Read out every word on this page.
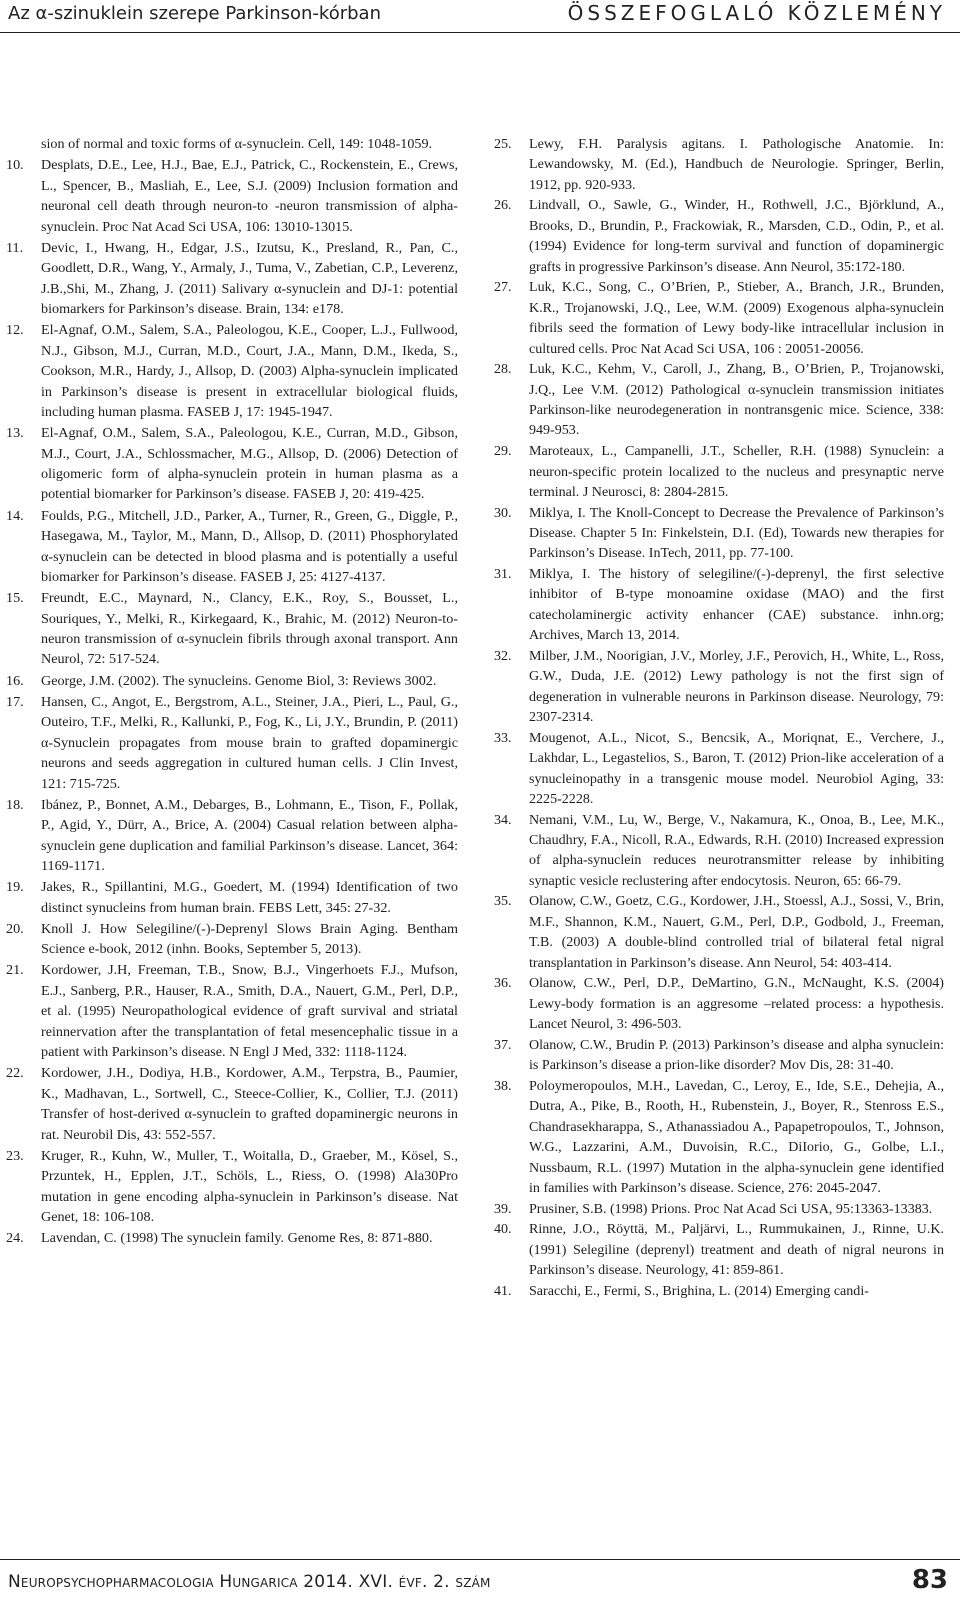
Az α-szinuklein szerepe Parkinson-kórban	ÖSSZEFOGLALÓ KÖZLEMÉNY

sion of normal and toxic forms of α-synuclein. Cell, 149: 1048-1059.

10. Desplats, D.E., Lee, H.J., Bae, E.J., Patrick, C., Rockenstein, E., Crews, L., Spencer, B., Masliah, E., Lee, S.J. (2009) Inclusion formation and neuronal cell death through neuron-to -neuron transmission of alpha-synuclein. Proc Nat Acad Sci USA, 106: 13010-13015.

11. Devic, I., Hwang, H., Edgar, J.S., Izutsu, K., Presland, R., Pan, C., Goodlett, D.R., Wang, Y., Armaly, J., Tuma, V., Zabetian, C.P., Leverenz, J.B.,Shi, M., Zhang, J. (2011) Salivary α-synuclein and DJ-1: potential biomarkers for Parkinson’s disease. Brain, 134: e178.

12. El-Agnaf, O.M., Salem, S.A., Paleologou, K.E., Cooper, L.J., Fullwood, N.J., Gibson, M.J., Curran, M.D., Court, J.A., Mann, D.M., Ikeda, S., Cookson, M.R., Hardy, J., Allsop, D. (2003) Alpha-synuclein implicated in Parkinson’s disease is present in extracellular biological fluids, including human plasma. FASEB J, 17: 1945-1947.

13. El-Agnaf, O.M., Salem, S.A., Paleologou, K.E., Curran, M.D., Gibson, M.J., Court, J.A., Schlossmacher, M.G., Allsop, D. (2006) Detection of oligomeric form of alpha-synuclein protein in human plasma as a potential biomarker for Parkinson’s disease. FASEB J, 20: 419-425.

14. Foulds, P.G., Mitchell, J.D., Parker, A., Turner, R., Green, G., Diggle, P., Hasegawa, M., Taylor, M., Mann, D., Allsop, D. (2011) Phosphorylated α-synuclein can be detected in blood plasma and is potentially a useful biomarker for Parkinson’s disease. FASEB J, 25: 4127-4137.

15. Freundt, E.C., Maynard, N., Clancy, E.K., Roy, S., Bousset, L., Souriques, Y., Melki, R., Kirkegaard, K., Brahic, M. (2012) Neuron-to-neuron transmission of α-synuclein fibrils through axonal transport. Ann Neurol, 72: 517-524.

16. George, J.M. (2002). The synucleins. Genome Biol, 3: Reviews 3002.

17. Hansen, C., Angot, E., Bergstrom, A.L., Steiner, J.A., Pieri, L., Paul, G., Outeiro, T.F., Melki, R., Kallunki, P., Fog, K., Li, J.Y., Brundin, P. (2011) α-Synuclein propagates from mouse brain to grafted dopaminergic neurons and seeds aggregation in cultured human cells. J Clin Invest, 121: 715-725.

18. Ibánez, P., Bonnet, A.M., Debarges, B., Lohmann, E., Tison, F., Pollak, P., Agid, Y., Dürr, A., Brice, A. (2004) Casual relation between alpha-synuclein gene duplication and familial Parkinson’s disease. Lancet, 364: 1169-1171.

19. Jakes, R., Spillantini, M.G., Goedert, M. (1994) Identification of two distinct synucleins from human brain. FEBS Lett, 345: 27-32.

20. Knoll J. How Selegiline/(-)-Deprenyl Slows Brain Aging. Bentham Science e-book, 2012 (inhn. Books, September 5, 2013).

21. Kordower, J.H, Freeman, T.B., Snow, B.J., Vingerhoets F.J., Mufson, E.J., Sanberg, P.R., Hauser, R.A., Smith, D.A., Nauert, G.M., Perl, D.P., et al. (1995) Neuropathological evidence of graft survival and striatal reinnervation after the transplantation of fetal mesencephalic tissue in a patient with Parkinson’s disease. N Engl J Med, 332: 1118-1124.

22. Kordower, J.H., Dodiya, H.B., Kordower, A.M., Terpstra, B., Paumier, K., Madhavan, L., Sortwell, C., Steece-Collier, K., Collier, T.J. (2011) Transfer of host-derived α-synuclein to grafted dopaminergic neurons in rat. Neurobil Dis, 43: 552-557.

23. Kruger, R., Kuhn, W., Muller, T., Woitalla, D., Graeber, M., Kösel, S., Przuntek, H., Epplen, J.T., Schöls, L., Riess, O. (1998) Ala30Pro mutation in gene encoding alpha-synuclein in Parkinson’s disease. Nat Genet, 18: 106-108.

24. Lavendan, C. (1998) The synuclein family. Genome Res, 8: 871-880.

25. Lewy, F.H. Paralysis agitans. I. Pathologische Anatomie. In: Lewandowsky, M. (Ed.), Handbuch de Neurologie. Springer, Berlin, 1912, pp. 920-933.

26. Lindvall, O., Sawle, G., Winder, H., Rothwell, J.C., Björklund, A., Brooks, D., Brundin, P., Frackowiak, R., Marsden, C.D., Odin, P., et al. (1994) Evidence for long-term survival and function of dopaminergic grafts in progressive Parkinson’s disease. Ann Neurol, 35:172-180.

27. Luk, K.C., Song, C., O’Brien, P., Stieber, A., Branch, J.R., Brunden, K.R., Trojanowski, J.Q., Lee, W.M. (2009) Exogenous alpha-synuclein fibrils seed the formation of Lewy body-like intracellular inclusion in cultured cells. Proc Nat Acad Sci USA, 106 : 20051-20056.

28. Luk, K.C., Kehm, V., Caroll, J., Zhang, B., O’Brien, P., Trojanowski, J.Q., Lee V.M. (2012) Pathological α-synuclein transmission initiates Parkinson-like neurodegeneration in nontransgenic mice. Science, 338: 949-953.

29. Maroteaux, L., Campanelli, J.T., Scheller, R.H. (1988) Synuclein: a neuron-specific protein localized to the nucleus and presynaptic nerve terminal. J Neurosci, 8: 2804-2815.

30. Miklya, I. The Knoll-Concept to Decrease the Prevalence of Parkinson’s Disease. Chapter 5 In: Finkelstein, D.I. (Ed), Towards new therapies for Parkinson’s Disease. InTech, 2011, pp. 77-100.

31. Miklya, I. The history of selegiline/(-)-deprenyl, the first selective inhibitor of B-type monoamine oxidase (MAO) and the first catecholaminergic activity enhancer (CAE) substance. inhn.org; Archives, March 13, 2014.

32. Milber, J.M., Noorigian, J.V., Morley, J.F., Perovich, H., White, L., Ross, G.W., Duda, J.E. (2012) Lewy pathology is not the first sign of degeneration in vulnerable neurons in Parkinson disease. Neurology, 79: 2307-2314.

33. Mougenot, A.L., Nicot, S., Bencsik, A., Moriqnat, E., Verchere, J., Lakhdar, L., Legastelios, S., Baron, T. (2012) Prion-like acceleration of a synucleinopathy in a transgenic mouse model. Neurobiol Aging, 33: 2225-2228.

34. Nemani, V.M., Lu, W., Berge, V., Nakamura, K., Onoa, B., Lee, M.K., Chaudhry, F.A., Nicoll, R.A., Edwards, R.H. (2010) Increased expression of alpha-synuclein reduces neurotransmitter release by inhibiting synaptic vesicle reclustering after endocytosis. Neuron, 65: 66-79.

35. Olanow, C.W., Goetz, C.G., Kordower, J.H., Stoessl, A.J., Sossi, V., Brin, M.F., Shannon, K.M., Nauert, G.M., Perl, D.P., Godbold, J., Freeman, T.B. (2003) A double-blind controlled trial of bilateral fetal nigral transplantation in Parkinson’s disease. Ann Neurol, 54: 403-414.

36. Olanow, C.W., Perl, D.P., DeMartino, G.N., McNaught, K.S. (2004) Lewy-body formation is an aggresome –related process: a hypothesis. Lancet Neurol, 3: 496-503.

37. Olanow, C.W., Brudin P. (2013) Parkinson’s disease and alpha synuclein: is Parkinson’s disease a prion-like disorder? Mov Dis, 28: 31-40.

38. Poloymeropoulos, M.H., Lavedan, C., Leroy, E., Ide, S.E., Dehejia, A., Dutra, A., Pike, B., Rooth, H., Rubenstein, J., Boyer, R., Stenross E.S., Chandrasekharappa, S., Athanassiadou A., Papapetropoulos, T., Johnson, W.G., Lazzarini, A.M., Duvoisin, R.C., DiIorio, G., Golbe, L.I., Nussbaum, R.L. (1997) Mutation in the alpha-synuclein gene identified in families with Parkinson’s disease. Science, 276: 2045-2047.

39. Prusiner, S.B. (1998) Prions. Proc Nat Acad Sci USA, 95:13363-13383.

40. Rinne, J.O., Röyttä, M., Paljärvi, L., Rummukainen, J., Rinne, U.K. (1991) Selegiline (deprenyl) treatment and death of nigral neurons in Parkinson’s disease. Neurology, 41: 859-861.

41. Saracchi, E., Fermi, S., Brighina, L. (2014) Emerging candi-

Neuropsychopharmacologia Hungarica 2014. XVI. évf. 2. szám	83
